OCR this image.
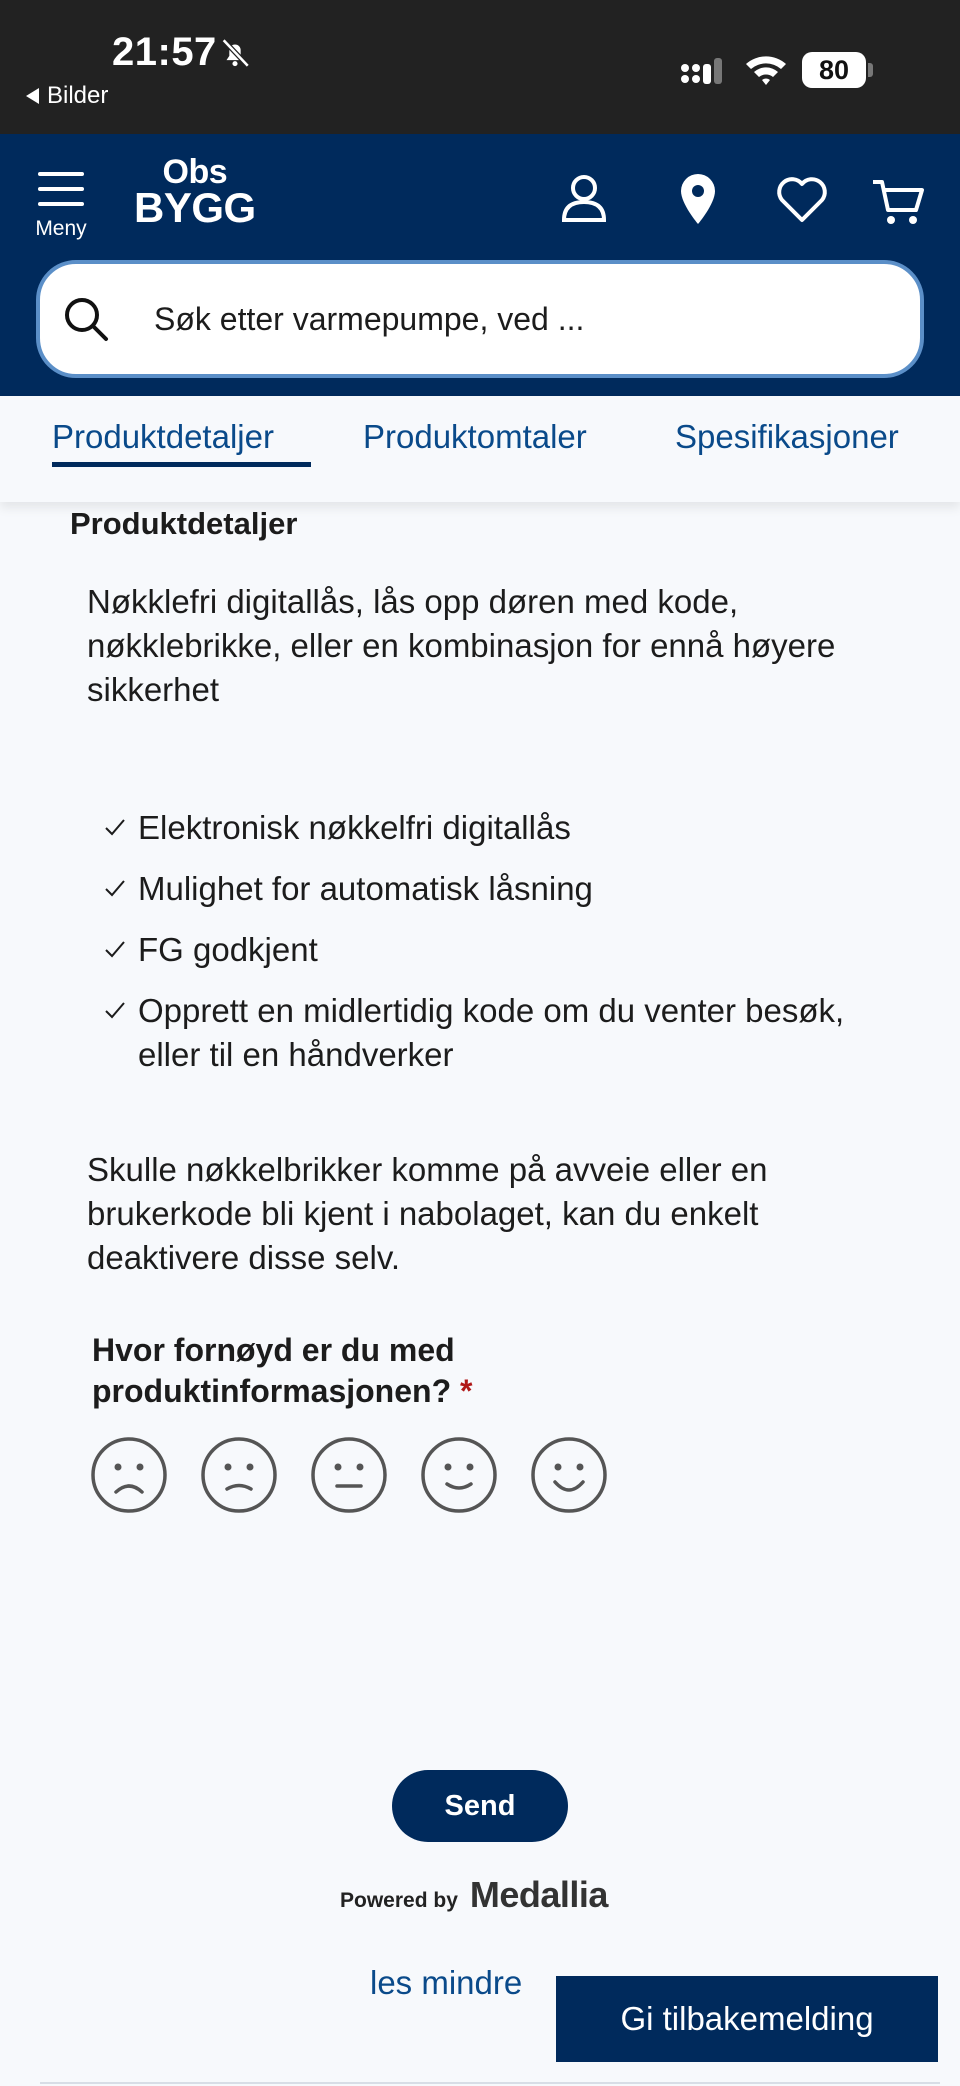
21:57
Bilder
80
Meny
Obs
BYGG
Søk etter varmepumpe, ved ...
Produktdetaljer	Produktomtaler	Spesifikasjoner
Produktdetaljer
Nøkklefri digitallås, lås opp døren med kode, nøkklebrikke, eller en kombinasjon for ennå høyere sikkerhet
Elektronisk nøkkelfri digitallås
Mulighet for automatisk låsning
FG godkjent
Opprett en midlertidig kode om du venter besøk, eller til en håndverker
Skulle nøkkelbrikker komme på avveie eller en brukerkode bli kjent i nabolaget, kan du enkelt deaktivere disse selv.
Hvor fornøyd er du med produktinformasjonen? *
Send
Powered by Medallia
les mindre
Gi tilbakemelding
